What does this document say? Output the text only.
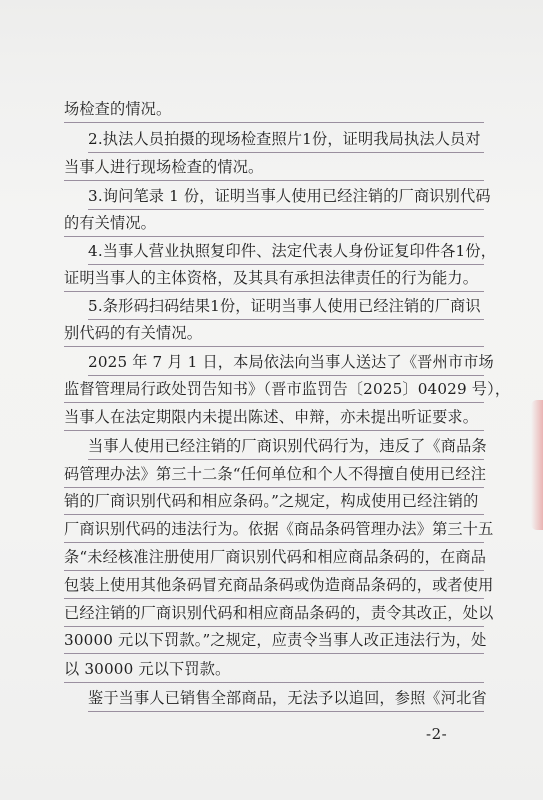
场检查的情况。
2.执法人员拍摄的现场检查照片1份，证明我局执法人员对
当事人进行现场检查的情况。
3.询问笔录 1 份，证明当事人使用已经注销的厂商识别代码
的有关情况。
4.当事人营业执照复印件、法定代表人身份证复印件各1份，
证明当事人的主体资格，及其具有承担法律责任的行为能力。
5.条形码扫码结果1份，证明当事人使用已经注销的厂商识
别代码的有关情况。
2025 年 7 月 1 日，本局依法向当事人送达了《晋州市市场
监督管理局行政处罚告知书》（晋市监罚告〔2025〕04029 号），
当事人在法定期限内未提出陈述、申辩，亦未提出听证要求。
当事人使用已经注销的厂商识别代码行为，违反了《商品条
码管理办法》第三十二条“任何单位和个人不得擅自使用已经注
销的厂商识别代码和相应条码。”之规定，构成使用已经注销的
厂商识别代码的违法行为。依据《商品条码管理办法》第三十五
条“未经核准注册使用厂商识别代码和相应商品条码的，在商品
包装上使用其他条码冒充商品条码或伪造商品条码的，或者使用
已经注销的厂商识别代码和相应商品条码的，责令其改正，处以
30000 元以下罚款。”之规定，应责令当事人改正违法行为，处
以 30000 元以下罚款。
鉴于当事人已销售全部商品，无法予以追回，参照《河北省
-2-
